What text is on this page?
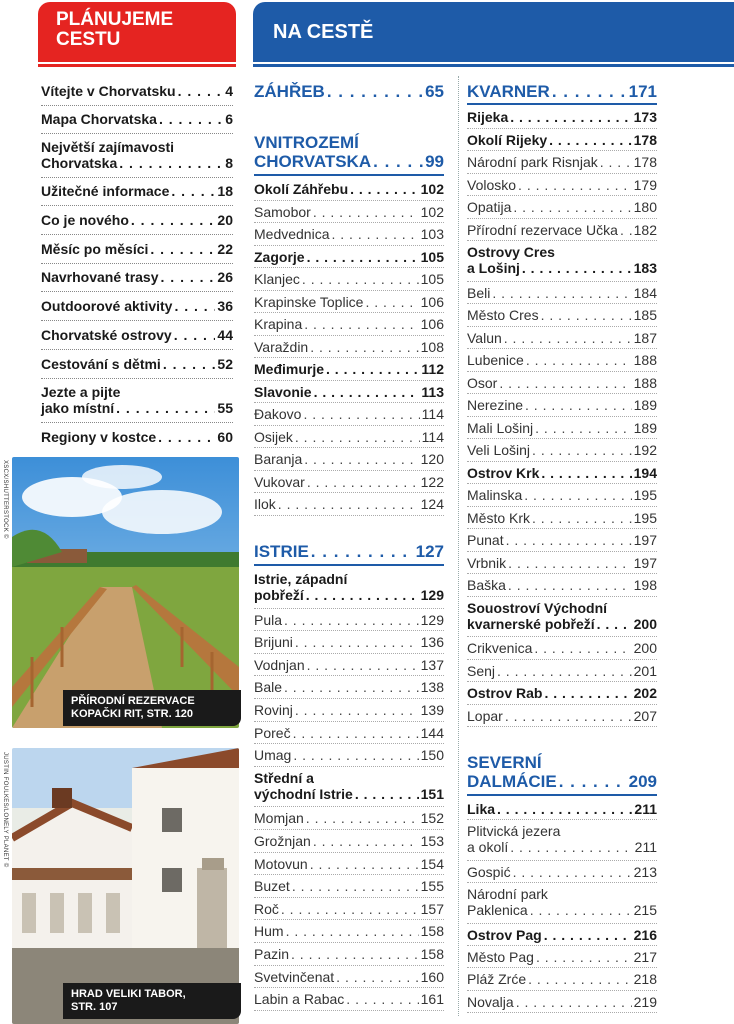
PLÁNUJEME CESTU	NA CESTĚ
Vítejte v Chorvatsku . . .	4
Mapa Chorvatska . . .	6
Největší zajímavosti
Chorvatska . . .	8
Užitečné informace . . .	18
Co je nového . . .	20
Měsíc po měsíci . . .	22
Navrhované trasy . . .	26
Outdoorové aktivity . . .	36
Chorvatské ostrovy . . .	44
Cestování s dětmi . . .	52
Jezte a pijte
jako místní . . .	55
Regiony v kostce . . .	60
PŘÍRODNÍ REZERVACE
KOPAČKI RIT, STR. 120
XSCX/SHUTTERSTOCK ©
HRAD VELIKI TABOR,
STR. 107
JUSTIN FOULKES/LONELY PLANET ©
ZÁHŘEB . . .	65
VNITROZEMÍ
CHORVATSKA . . .	99
Okolí Záhřebu . . .	102
Samobor . . .	102
Medvednica . . .	103
Zagorje . . .	105
Klanjec . . .	105
Krapinske Toplice . . .	106
Krapina . . .	106
Varaždin . . .	108
Međimurje . . .	112
Slavonie . . .	113
Đakovo . . .	114
Osijek . . .	114
Baranja . . .	120
Vukovar . . .	122
Ilok . . .	124
ISTRIE . . .	127
Istrie, západní
pobřeží . . .	129
Pula . . .	129
Brijuni . . .	136
Vodnjan . . .	137
Bale . . .	138
Rovinj . . .	139
Poreč . . .	144
Umag . . .	150
Střední a
východní Istrie . . .	151
Momjan . . .	152
Grožnjan . . .	153
Motovun . . .	154
Buzet . . .	155
Roč . . .	157
Hum . . .	158
Pazin . . .	158
Svetvinčenat . . .	160
Labin a Rabac . . .	161
KVARNER . . .	171
Rijeka . . .	173
Okolí Rijeky . . .	178
Národní park Risnjak . . .	178
Volosko . . .	179
Opatija . . .	180
Přírodní rezervace Učka . . . 182
Ostrovy Cres
a Lošinj . . .	183
Beli . . .	184
Město Cres . . .	185
Valun . . .	187
Lubenice . . .	188
Osor . . .	188
Nerezine . . .	189
Mali Lošinj . . .	189
Veli Lošinj . . .	192
Ostrov Krk . . .	194
Malinska . . .	195
Město Krk . . .	195
Punat . . .	197
Vrbnik . . .	197
Baška . . .	198
Souostroví Východní
kvarnerské pobřeží . . .	200
Crikvenica . . .	200
Senj . . .	201
Ostrov Rab . . .	202
Lopar . . .	207
SEVERNÍ
DALMÁCIE . . .	209
Lika . . .	211
Plitvická jezera
a okolí . . .	211
Gospić . . .	213
Národní park
Paklenica . . .	215
Ostrov Pag . . .	216
Město Pag . . .	217
Pláž Zrće . . .	218
Novalja . . .	219
